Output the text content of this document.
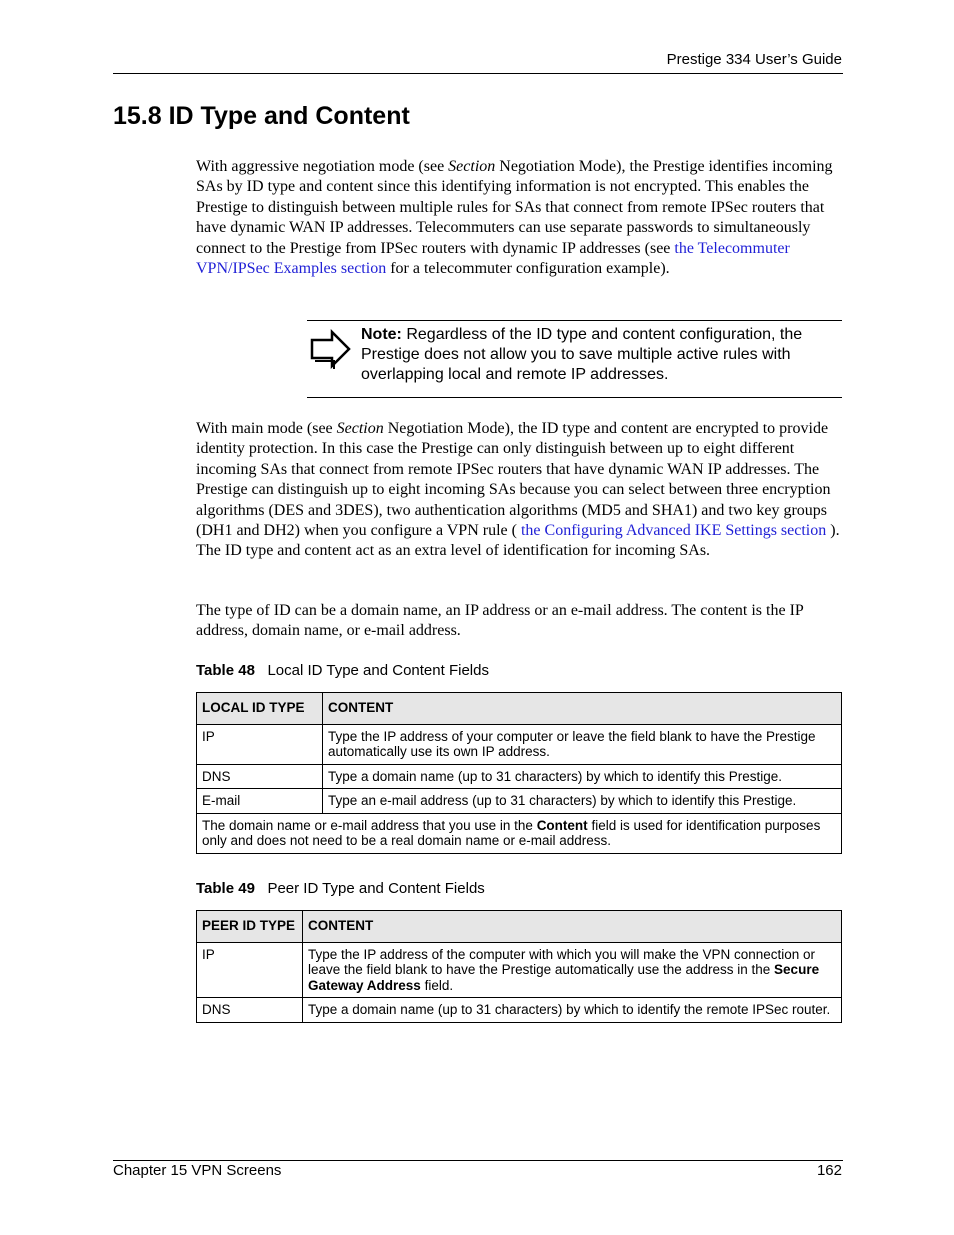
Prestige 334 User’s Guide
15.8 ID Type and Content

With aggressive negotiation mode (see Section Negotiation Mode), the Prestige identifies incoming SAs by ID type and content since this identifying information is not encrypted. This enables the Prestige to distinguish between multiple rules for SAs that connect from remote IPSec routers that have dynamic WAN IP addresses. Telecommuters can use separate passwords to simultaneously connect to the Prestige from IPSec routers with dynamic IP addresses (see the Telecommuter VPN/IPSec Examples section for a telecommuter configuration example).

Note: Regardless of the ID type and content configuration, the Prestige does not allow you to save multiple active rules with overlapping local and remote IP addresses.

With main mode (see Section Negotiation Mode), the ID type and content are encrypted to provide identity protection. In this case the Prestige can only distinguish between up to eight different incoming SAs that connect from remote IPSec routers that have dynamic WAN IP addresses. The Prestige can distinguish up to eight incoming SAs because you can select between three encryption algorithms (DES and 3DES), two authentication algorithms (MD5 and SHA1) and two key groups (DH1 and DH2) when you configure a VPN rule ( the Configuring Advanced IKE Settings section ). The ID type and content act as an extra level of identification for incoming SAs.

The type of ID can be a domain name, an IP address or an e-mail address. The content is the IP address, domain name, or e-mail address.

Table 48 Local ID Type and Content Fields
LOCAL ID TYPE	CONTENT
IP	Type the IP address of your computer or leave the field blank to have the Prestige automatically use its own IP address.
DNS	Type a domain name (up to 31 characters) by which to identify this Prestige.
E-mail	Type an e-mail address (up to 31 characters) by which to identify this Prestige.
The domain name or e-mail address that you use in the Content field is used for identification purposes only and does not need to be a real domain name or e-mail address.	
Table 49 Peer ID Type and Content Fields
PEER ID TYPE	CONTENT
IP	Type the IP address of the computer with which you will make the VPN connection or leave the field blank to have the Prestige automatically use the address in the Secure Gateway Address field.
DNS	Type a domain name (up to 31 characters) by which to identify the remote IPSec router.
Chapter 15 VPN Screens	162
